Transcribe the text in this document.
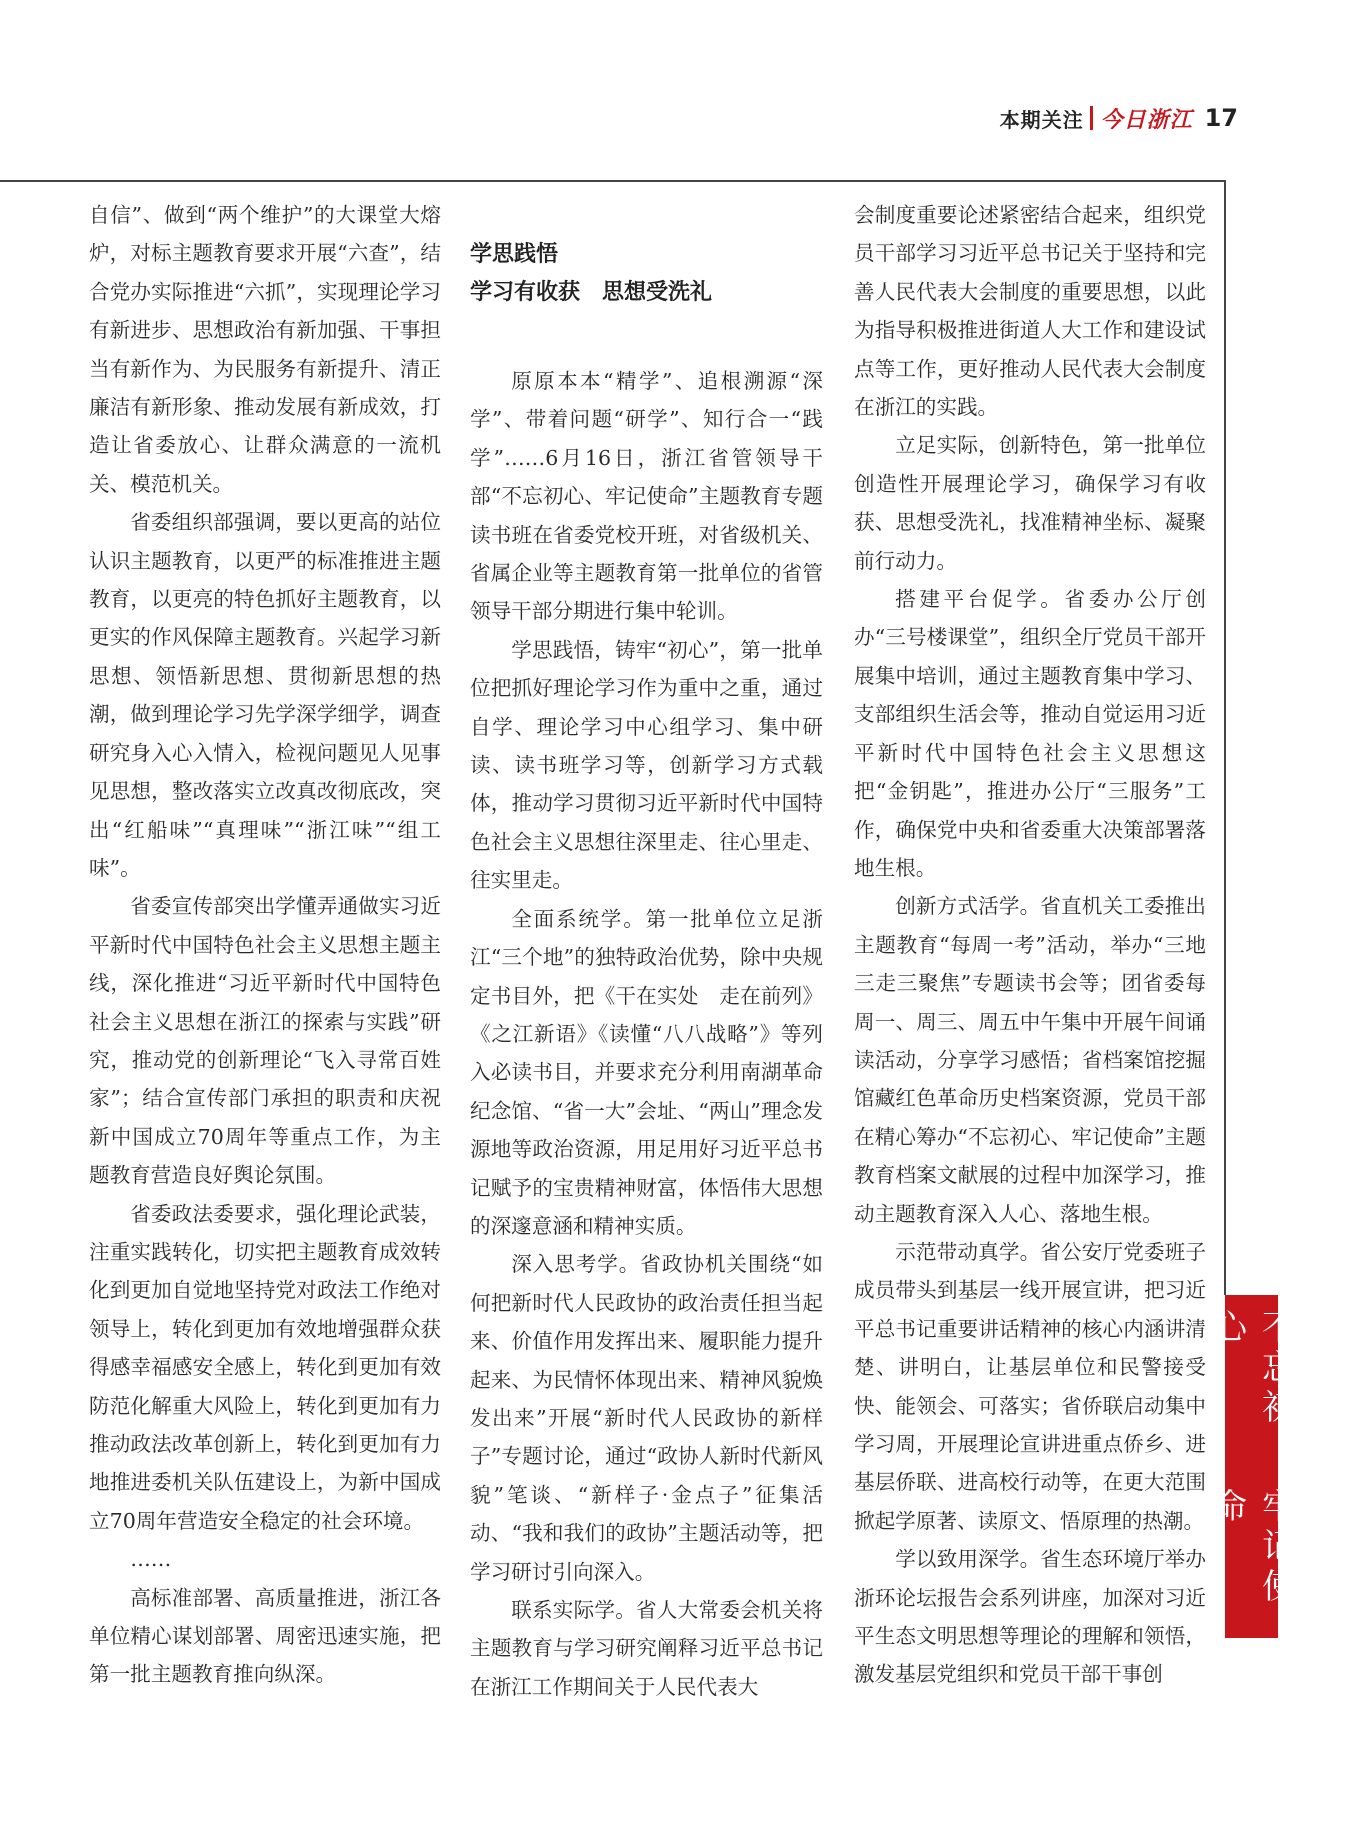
本期关注 今日浙江 17

自信”、做到“两个维护”的大课堂大熔炉，对标主题教育要求开展“六查”，结合党办实际推进“六抓”，实现理论学习有新进步、思想政治有新加强、干事担当有新作为、为民服务有新提升、清正廉洁有新形象、推动发展有新成效，打造让省委放心、让群众满意的一流机关、模范机关。

省委组织部强调，要以更高的站位认识主题教育，以更严的标准推进主题教育，以更亮的特色抓好主题教育，以更实的作风保障主题教育。兴起学习新思想、领悟新思想、贯彻新思想的热潮，做到理论学习先学深学细学，调查研究身入心入情入，检视问题见人见事见思想，整改落实立改真改彻底改，突出“红船味”“真理味”“浙江味”“组工味”。

省委宣传部突出学懂弄通做实习近平新时代中国特色社会主义思想主题主线，深化推进“习近平新时代中国特色社会主义思想在浙江的探索与实践”研究，推动党的创新理论“飞入寻常百姓家”；结合宣传部门承担的职责和庆祝新中国成立70周年等重点工作，为主题教育营造良好舆论氛围。

省委政法委要求，强化理论武装，注重实践转化，切实把主题教育成效转化到更加自觉地坚持党对政法工作绝对领导上，转化到更加有效地增强群众获得感幸福感安全感上，转化到更加有效防范化解重大风险上，转化到更加有力推动政法改革创新上，转化到更加有力地推进委机关队伍建设上，为新中国成立70周年营造安全稳定的社会环境。

……

高标准部署、高质量推进，浙江各单位精心谋划部署、周密迅速实施，把第一批主题教育推向纵深。

学思践悟
学习有收获　思想受洗礼

原原本本“精学”、追根溯源“深学”、带着问题“研学”、知行合一“践学”……6月16日，浙江省管领导干部“不忘初心、牢记使命”主题教育专题读书班在省委党校开班，对省级机关、省属企业等主题教育第一批单位的省管领导干部分期进行集中轮训。

学思践悟，铸牢“初心”，第一批单位把抓好理论学习作为重中之重，通过自学、理论学习中心组学习、集中研读、读书班学习等，创新学习方式载体，推动学习贯彻习近平新时代中国特色社会主义思想往深里走、往心里走、往实里走。

全面系统学。第一批单位立足浙江“三个地”的独特政治优势，除中央规定书目外，把《干在实处　走在前列》《之江新语》《读懂“八八战略”》等列入必读书目，并要求充分利用南湖革命纪念馆、“省一大”会址、“两山”理念发源地等政治资源，用足用好习近平总书记赋予的宝贵精神财富，体悟伟大思想的深邃意涵和精神实质。

深入思考学。省政协机关围绕“如何把新时代人民政协的政治责任担当起来、价值作用发挥出来、履职能力提升起来、为民情怀体现出来、精神风貌焕发出来”开展“新时代人民政协的新样子”专题讨论，通过“政协人新时代新风貌”笔谈、“新样子·金点子”征集活动、“我和我们的政协”主题活动等，把学习研讨引向深入。

联系实际学。省人大常委会机关将主题教育与学习研究阐释习近平总书记在浙江工作期间关于人民代表大

会制度重要论述紧密结合起来，组织党员干部学习习近平总书记关于坚持和完善人民代表大会制度的重要思想，以此为指导积极推进街道人大工作和建设试点等工作，更好推动人民代表大会制度在浙江的实践。

立足实际，创新特色，第一批单位创造性开展理论学习，确保学习有收获、思想受洗礼，找准精神坐标、凝聚前行动力。

搭建平台促学。省委办公厅创办“三号楼课堂”，组织全厅党员干部开展集中培训，通过主题教育集中学习、支部组织生活会等，推动自觉运用习近平新时代中国特色社会主义思想这把“金钥匙”，推进办公厅“三服务”工作，确保党中央和省委重大决策部署落地生根。

创新方式活学。省直机关工委推出主题教育“每周一考”活动，举办“三地三走三聚焦”专题读书会等；团省委每周一、周三、周五中午集中开展午间诵读活动，分享学习感悟；省档案馆挖掘馆藏红色革命历史档案资源，党员干部在精心筹办“不忘初心、牢记使命”主题教育档案文献展的过程中加深学习，推动主题教育深入人心、落地生根。

示范带动真学。省公安厅党委班子成员带头到基层一线开展宣讲，把习近平总书记重要讲话精神的核心内涵讲清楚、讲明白，让基层单位和民警接受快、能领会、可落实；省侨联启动集中学习周，开展理论宣讲进重点侨乡、进基层侨联、进高校行动等，在更大范围掀起学原著、读原文、悟原理的热潮。

学以致用深学。省生态环境厅举办浙环论坛报告会系列讲座，加深对习近平生态文明思想等理论的理解和领悟，激发基层党组织和党员干部干事创

不忘初心
牢记使命
